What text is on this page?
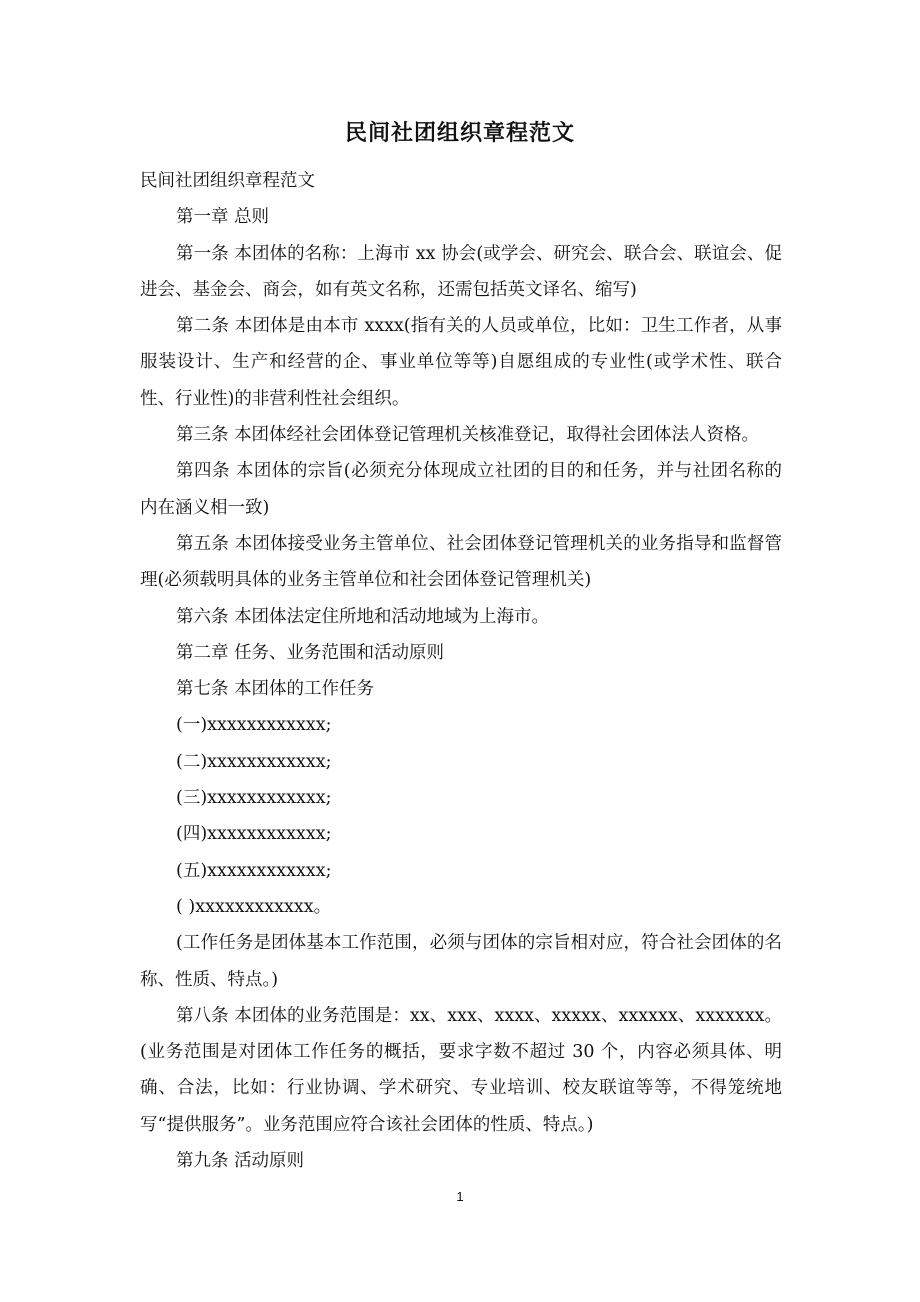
民间社团组织章程范文

民间社团组织章程范文

第一章 总则

第一条 本团体的名称：上海市 xx 协会(或学会、研究会、联合会、联谊会、促进会、基金会、商会，如有英文名称，还需包括英文译名、缩写)

第二条 本团体是由本市 xxxx(指有关的人员或单位，比如：卫生工作者，从事服装设计、生产和经营的企、事业单位等等)自愿组成的专业性(或学术性、联合性、行业性)的非营利性社会组织。

第三条 本团体经社会团体登记管理机关核准登记，取得社会团体法人资格。

第四条 本团体的宗旨(必须充分体现成立社团的目的和任务，并与社团名称的内在涵义相一致)

第五条 本团体接受业务主管单位、社会团体登记管理机关的业务指导和监督管理(必须载明具体的业务主管单位和社会团体登记管理机关)

第六条 本团体法定住所地和活动地域为上海市。

第二章 任务、业务范围和活动原则

第七条 本团体的工作任务

(一)xxxxxxxxxxxx;

(二)xxxxxxxxxxxx;

(三)xxxxxxxxxxxx;

(四)xxxxxxxxxxxx;

(五)xxxxxxxxxxxx;

( )xxxxxxxxxxxx。

(工作任务是团体基本工作范围，必须与团体的宗旨相对应，符合社会团体的名称、性质、特点。)

第八条 本团体的业务范围是：xx、xxx、xxxx、xxxxx、xxxxxx、xxxxxxx。(业务范围是对团体工作任务的概括，要求字数不超过 30 个，内容必须具体、明确、合法，比如：行业协调、学术研究、专业培训、校友联谊等等，不得笼统地写“提供服务”。业务范围应符合该社会团体的性质、特点。)

第九条 活动原则

1
